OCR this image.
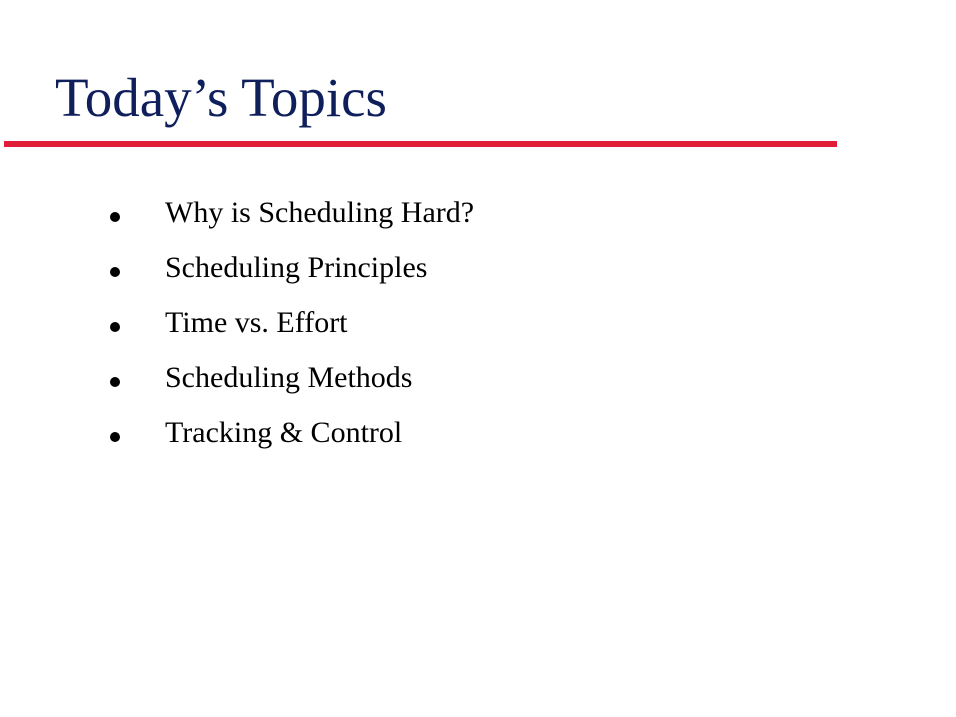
Today’s Topics
Why is Scheduling Hard?
Scheduling Principles
Time vs. Effort
Scheduling Methods
Tracking & Control
